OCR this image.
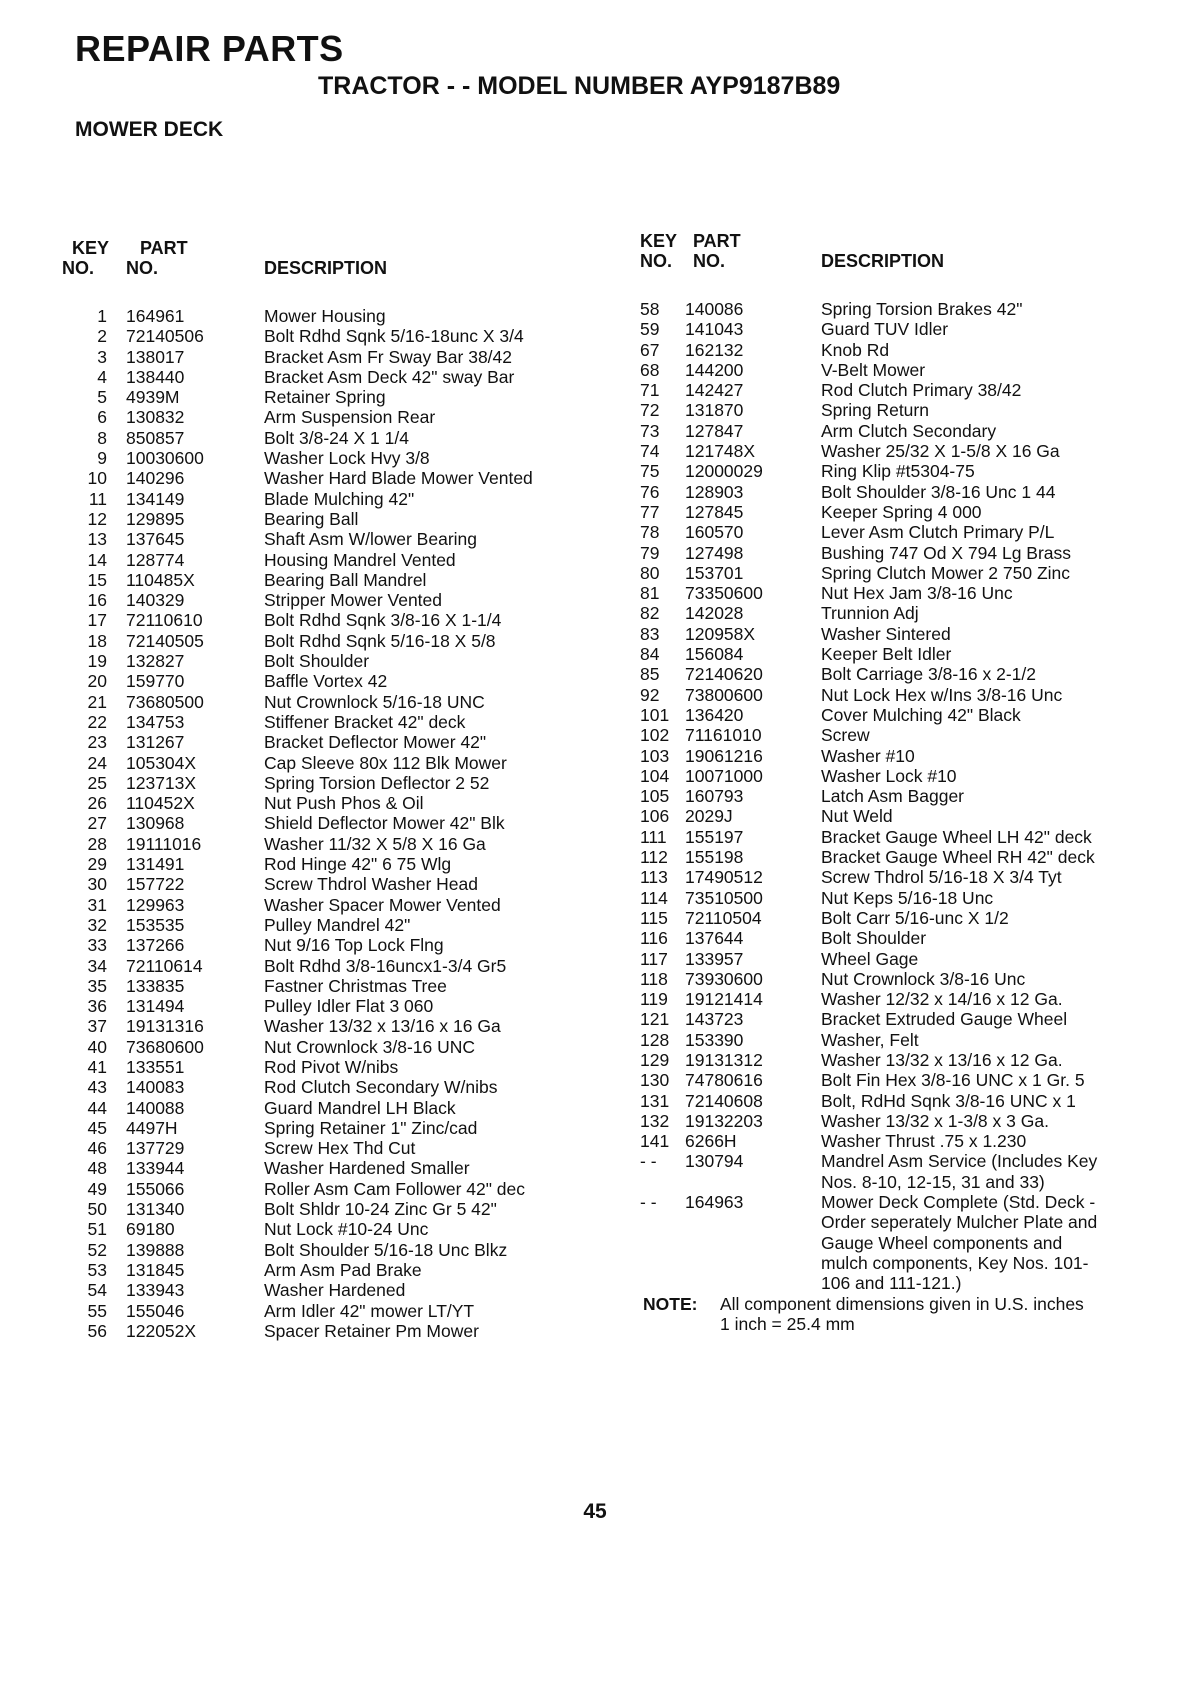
REPAIR PARTS
TRACTOR - - MODEL NUMBER AYP9187B89
MOWER DECK
KEY
NO.
PART
NO.	DESCRIPTION
1 164961	Mower Housing
2 72140506	Bolt Rdhd Sqnk 5/16-18unc X 3/4
3 138017	Bracket Asm Fr Sway Bar 38/42
4 138440	Bracket Asm Deck 42" sway Bar
5 4939M	Retainer Spring
6 130832	Arm Suspension Rear
8 850857	Bolt 3/8-24 X 1 1/4
9 10030600	Washer Lock Hvy 3/8
10 140296	Washer Hard Blade Mower Vented
11 134149	Blade Mulching 42"
12 129895	Bearing Ball
13 137645	Shaft Asm W/lower Bearing
14 128774	Housing Mandrel Vented
15 110485X	Bearing Ball Mandrel
16 140329	Stripper Mower Vented
17 72110610	Bolt Rdhd Sqnk 3/8-16 X 1-1/4
18 72140505	Bolt Rdhd Sqnk 5/16-18 X 5/8
19 132827	Bolt Shoulder
20 159770	Baffle Vortex 42
21 73680500	Nut Crownlock 5/16-18 UNC
22 134753	Stiffener Bracket 42" deck
23 131267	Bracket Deflector Mower 42"
24 105304X	Cap Sleeve 80x 112 Blk Mower
25 123713X	Spring Torsion Deflector 2 52
26 110452X	Nut Push Phos & Oil
27 130968	Shield Deflector Mower 42" Blk
28 19111016	Washer 11/32 X 5/8 X 16 Ga
29 131491	Rod Hinge 42" 6 75 Wlg
30 157722	Screw Thdrol Washer Head
31 129963	Washer Spacer Mower Vented
32 153535	Pulley Mandrel 42"
33 137266	Nut 9/16 Top Lock Flng
34 72110614	Bolt Rdhd 3/8-16uncx1-3/4 Gr5
35 133835	Fastner Christmas Tree
36 131494	Pulley Idler Flat 3 060
37 19131316	Washer 13/32 x 13/16 x 16 Ga
40 73680600	Nut Crownlock 3/8-16 UNC
41 133551	Rod Pivot W/nibs
43 140083	Rod Clutch Secondary W/nibs
44 140088	Guard Mandrel LH Black
45 4497H	Spring Retainer 1" Zinc/cad
46 137729	Screw Hex Thd Cut
48 133944	Washer Hardened Smaller
49 155066	Roller Asm Cam Follower 42" dec
50 131340	Bolt Shldr 10-24 Zinc Gr 5 42"
51 69180	Nut Lock #10-24 Unc
52 139888	Bolt Shoulder 5/16-18 Unc Blkz
53 131845	Arm Asm Pad Brake
54 133943	Washer Hardened
55 155046	Arm Idler 42" mower LT/YT
56 122052X	Spacer Retainer Pm Mower
KEY
NO.
PART
NO.	DESCRIPTION
58 140086	Spring Torsion Brakes 42"
59 141043	Guard TUV Idler
67 162132	Knob Rd
68 144200	V-Belt Mower
71 142427	Rod Clutch Primary 38/42
72 131870	Spring Return
73 127847	Arm Clutch Secondary
74 121748X	Washer 25/32 X 1-5/8 X 16 Ga
75 12000029	Ring Klip #t5304-75
76 128903	Bolt Shoulder 3/8-16 Unc 1 44
77 127845	Keeper Spring 4 000
78 160570	Lever Asm Clutch Primary P/L
79 127498	Bushing 747 Od X 794 Lg Brass
80 153701	Spring Clutch Mower 2 750 Zinc
81 73350600	Nut Hex Jam 3/8-16 Unc
82 142028	Trunnion Adj
83 120958X	Washer Sintered
84 156084	Keeper Belt Idler
85 72140620	Bolt Carriage 3/8-16 x 2-1/2
92 73800600	Nut Lock Hex w/Ins 3/8-16 Unc
101 136420	Cover Mulching 42" Black
102 71161010	Screw
103 19061216	Washer #10
104 10071000	Washer Lock #10
105 160793	Latch Asm Bagger
106 2029J	Nut Weld
111 155197	Bracket Gauge Wheel LH 42" deck
112 155198	Bracket Gauge Wheel RH 42" deck
113 17490512	Screw Thdrol 5/16-18 X 3/4 Tyt
114 73510500	Nut Keps 5/16-18 Unc
115 72110504	Bolt Carr 5/16-unc X 1/2
116 137644	Bolt Shoulder
117 133957	Wheel Gage
118 73930600	Nut Crownlock 3/8-16 Unc
119 19121414	Washer 12/32 x 14/16 x 12 Ga.
121 143723	Bracket Extruded Gauge Wheel
128 153390	Washer, Felt
129 19131312	Washer 13/32 x 13/16 x 12 Ga.
130 74780616	Bolt Fin Hex 3/8-16 UNC x 1 Gr. 5
131 72140608	Bolt, RdHd Sqnk 3/8-16 UNC x 1
132 19132203	Washer 13/32 x 1-3/8 x 3 Ga.
141 6266H	Washer Thrust .75 x 1.230
- - 130794	Mandrel Asm Service (Includes Key
Nos. 8-10, 12-15, 31 and 33)
- - 164963	Mower Deck Complete (Std. Deck -
Order seperately Mulcher Plate and
Gauge Wheel components and
mulch components, Key Nos. 101-
106 and 111-121.)
NOTE: All component dimensions given in U.S. inches
1 inch = 25.4 mm
45
